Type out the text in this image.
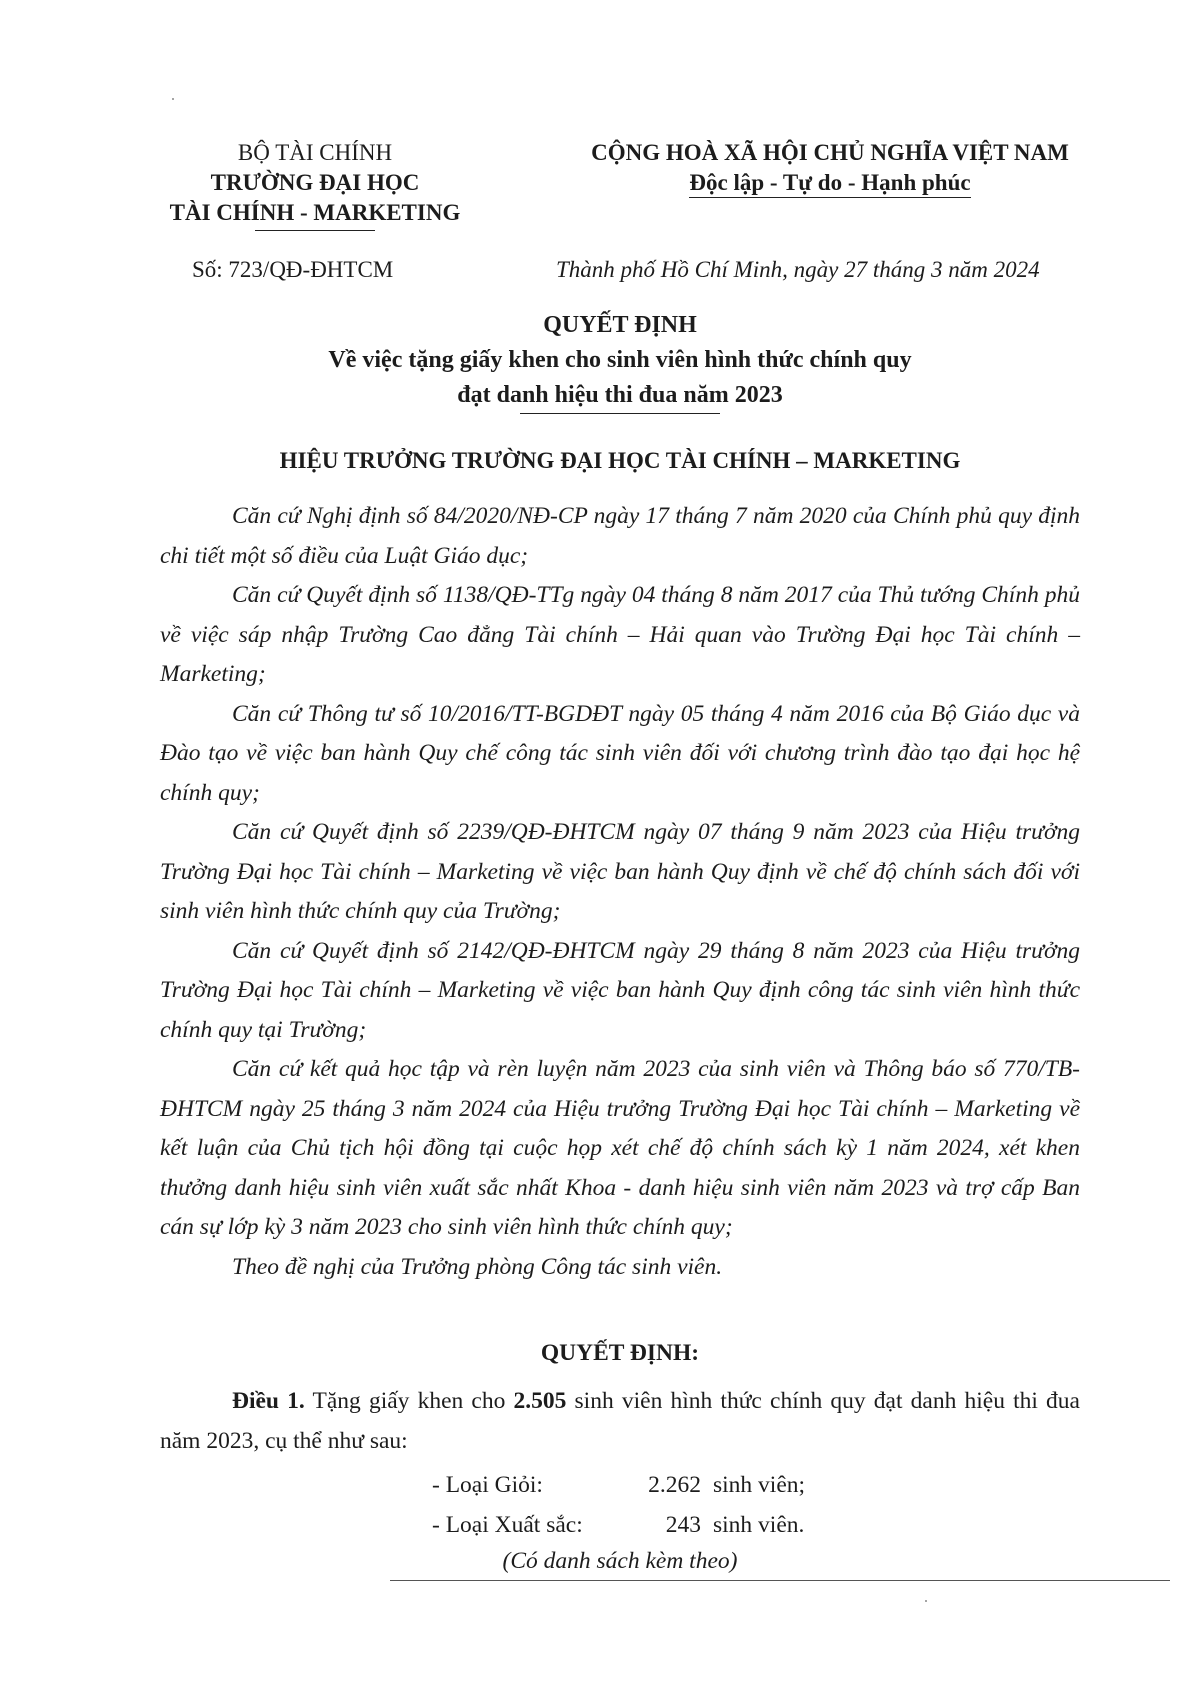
BỘ TÀI CHÍNH
TRƯỜNG ĐẠI HỌC
TÀI CHÍNH - MARKETING
CỘNG HOÀ XÃ HỘI CHỦ NGHĨA VIỆT NAM
Độc lập - Tự do - Hạnh phúc
Số: 723/QĐ-ĐHTCM	Thành phố Hồ Chí Minh, ngày 27 tháng 3 năm 2024
QUYẾT ĐỊNH
Về việc tặng giấy khen cho sinh viên hình thức chính quy
đạt danh hiệu thi đua năm 2023
HIỆU TRƯỞNG TRƯỜNG ĐẠI HỌC TÀI CHÍNH – MARKETING

Căn cứ Nghị định số 84/2020/NĐ-CP ngày 17 tháng 7 năm 2020 của Chính phủ quy định chi tiết một số điều của Luật Giáo dục;

Căn cứ Quyết định số 1138/QĐ-TTg ngày 04 tháng 8 năm 2017 của Thủ tướng Chính phủ về việc sáp nhập Trường Cao đẳng Tài chính – Hải quan vào Trường Đại học Tài chính – Marketing;

Căn cứ Thông tư số 10/2016/TT-BGDĐT ngày 05 tháng 4 năm 2016 của Bộ Giáo dục và Đào tạo về việc ban hành Quy chế công tác sinh viên đối với chương trình đào tạo đại học hệ chính quy;

Căn cứ Quyết định số 2239/QĐ-ĐHTCM ngày 07 tháng 9 năm 2023 của Hiệu trưởng Trường Đại học Tài chính – Marketing về việc ban hành Quy định về chế độ chính sách đối với sinh viên hình thức chính quy của Trường;

Căn cứ Quyết định số 2142/QĐ-ĐHTCM ngày 29 tháng 8 năm 2023 của Hiệu trưởng Trường Đại học Tài chính – Marketing về việc ban hành Quy định công tác sinh viên hình thức chính quy tại Trường;

Căn cứ kết quả học tập và rèn luyện năm 2023 của sinh viên và Thông báo số 770/TB-ĐHTCM ngày 25 tháng 3 năm 2024 của Hiệu trưởng Trường Đại học Tài chính – Marketing về kết luận của Chủ tịch hội đồng tại cuộc họp xét chế độ chính sách kỳ 1 năm 2024, xét khen thưởng danh hiệu sinh viên xuất sắc nhất Khoa - danh hiệu sinh viên năm 2023 và trợ cấp Ban cán sự lớp kỳ 3 năm 2023 cho sinh viên hình thức chính quy;

Theo đề nghị của Trưởng phòng Công tác sinh viên.

QUYẾT ĐỊNH:
Điều 1. Tặng giấy khen cho 2.505 sinh viên hình thức chính quy đạt danh hiệu thi đua năm 2023, cụ thể như sau:
- Loại Giỏi:	2.262 sinh viên;
- Loại Xuất sắc:	243 sinh viên.
(Có danh sách kèm theo)
